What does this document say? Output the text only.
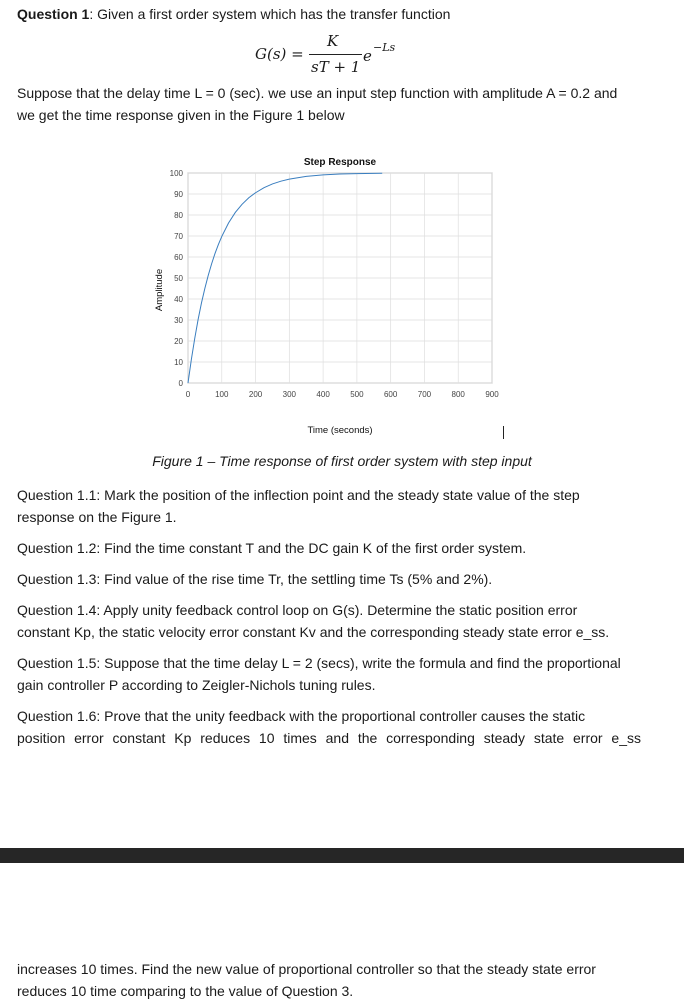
Question 1: Given a first order system which has the transfer function
G(s) =
K
sT + 1
e −Ls

Suppose that the delay time L = 0 (sec). we use an input step function with amplitude A = 0.2 and

we get the time response given in the Figure 1 below

Step Response
0	100	200	300	400	500	600	700	800	900
0
10
20
30
40
50
60
70
80
90
100
Time (seconds)
Amplitude
Figure 1 – Time response of first order system with step input

Question 1.1: Mark the position of the inflection point and the steady state value of the step

response on the Figure 1.

Question 1.2: Find the time constant T and the DC gain K of the first order system.

Question 1.3: Find value of the rise time Tr, the settling time Ts (5% and 2%).

Question 1.4: Apply unity feedback control loop on G(s). Determine the static position error

constant Kp, the static velocity error constant Kv and the corresponding steady state error e_ss.

Question 1.5: Suppose that the time delay L = 2 (secs), write the formula and find the proportional

gain controller P according to Zeigler-Nichols tuning rules.

Question 1.6: Prove that the unity feedback with the proportional controller causes the static

position error constant Kp reduces 10 times and the corresponding steady state error e_ss

increases 10 times. Find the new value of proportional controller so that the steady state error

reduces 10 time comparing to the value of Question 3.
